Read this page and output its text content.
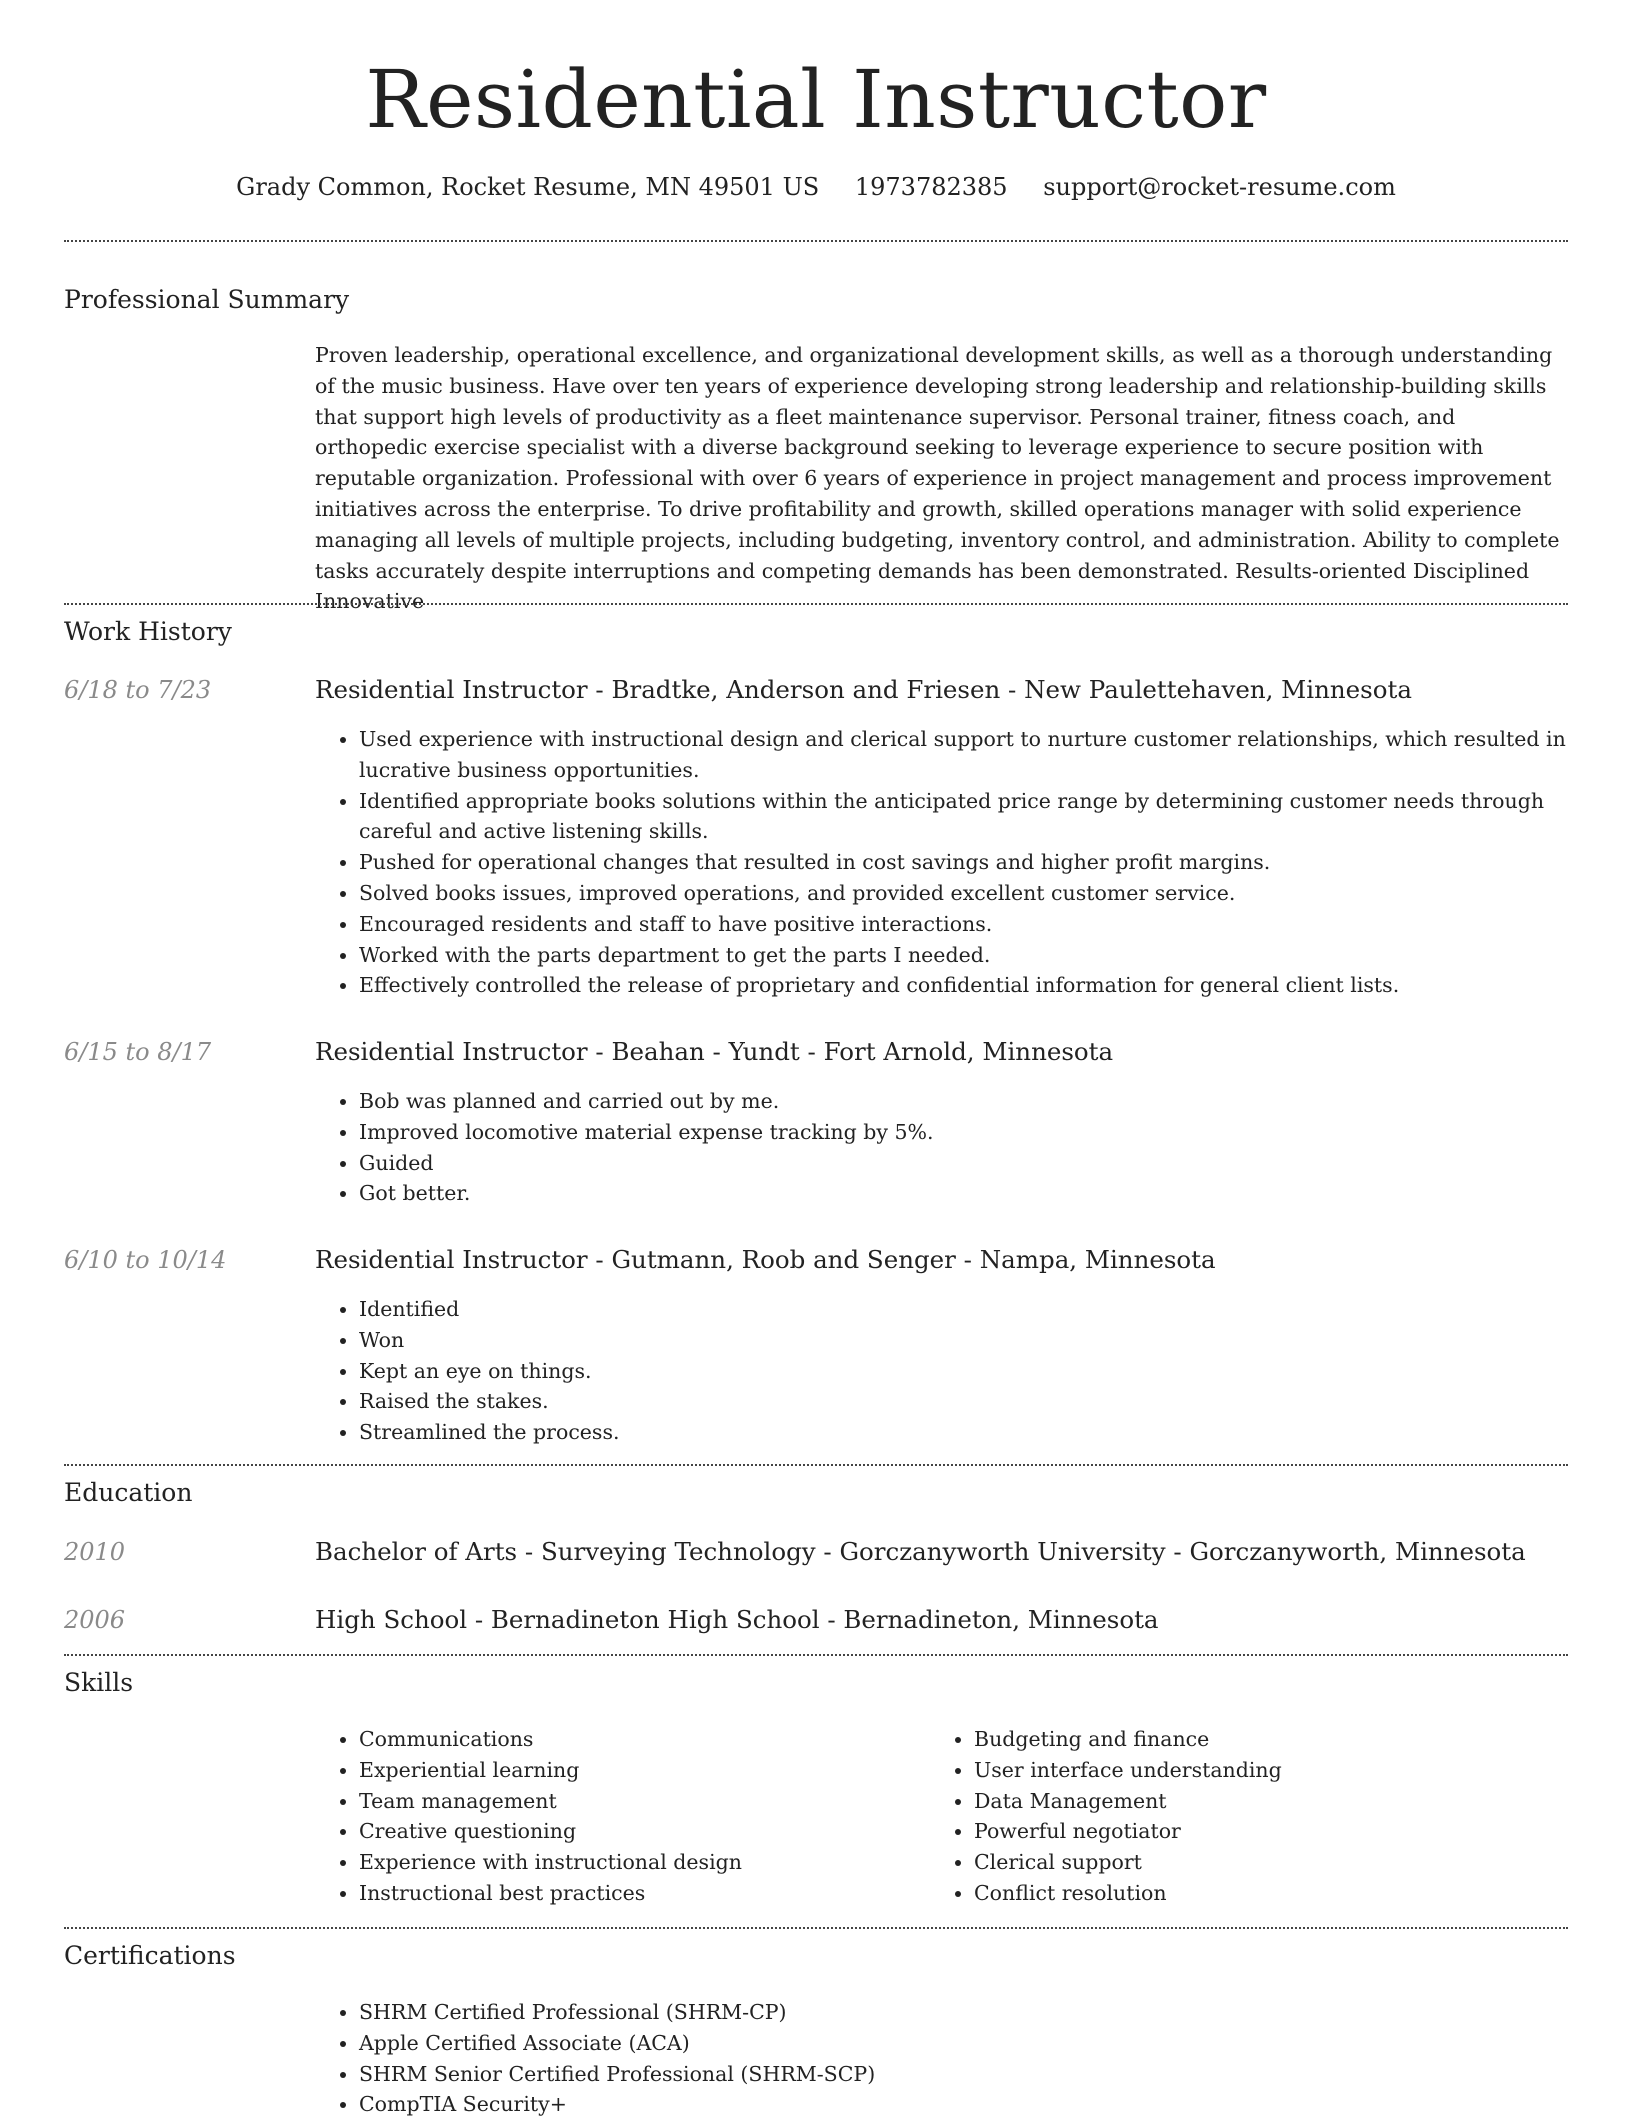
Residential Instructor
Grady Common, Rocket Resume, MN 49501 US 1973782385 support@rocket-resume.com
Professional Summary

Proven leadership, operational excellence, and organizational development skills, as well as a thorough understanding of the music business. Have over ten years of experience developing strong leadership and relationship-building skills that support high levels of productivity as a fleet maintenance supervisor. Personal trainer, fitness coach, and orthopedic exercise specialist with a diverse background seeking to leverage experience to secure position with reputable organization. Professional with over 6 years of experience in project management and process improvement initiatives across the enterprise. To drive profitability and growth, skilled operations manager with solid experience managing all levels of multiple projects, including budgeting, inventory control, and administration. Ability to complete tasks accurately despite interruptions and competing demands has been demonstrated. Results-oriented Disciplined Innovative

Work History
6/18 to 7/23	Residential Instructor - Bradtke, Anderson and Friesen - New Paulettehaven, Minnesota
• Used experience with instructional design and clerical support to nurture customer relationships, which resulted in lucrative business opportunities.
• Identified appropriate books solutions within the anticipated price range by determining customer needs through careful and active listening skills.
• Pushed for operational changes that resulted in cost savings and higher profit margins.
• Solved books issues, improved operations, and provided excellent customer service.
• Encouraged residents and staff to have positive interactions.
• Worked with the parts department to get the parts I needed.
• Effectively controlled the release of proprietary and confidential information for general client lists.
6/15 to 8/17	Residential Instructor - Beahan - Yundt - Fort Arnold, Minnesota
• Bob was planned and carried out by me.
• Improved locomotive material expense tracking by 5%.
• Guided
• Got better.
6/10 to 10/14	Residential Instructor - Gutmann, Roob and Senger - Nampa, Minnesota
• Identified
• Won
• Kept an eye on things.
• Raised the stakes.
• Streamlined the process.
Education
2010	Bachelor of Arts - Surveying Technology - Gorczanyworth University - Gorczanyworth, Minnesota
2006	High School - Bernadineton High School - Bernadineton, Minnesota
Skills
• Communications
• Experiential learning
• Team management
• Creative questioning
• Experience with instructional design
• Instructional best practices
• Budgeting and finance
• User interface understanding
• Data Management
• Powerful negotiator
• Clerical support
• Conflict resolution
Certifications
• SHRM Certified Professional (SHRM-CP)
• Apple Certified Associate (ACA)
• SHRM Senior Certified Professional (SHRM-SCP)
• CompTIA Security+
